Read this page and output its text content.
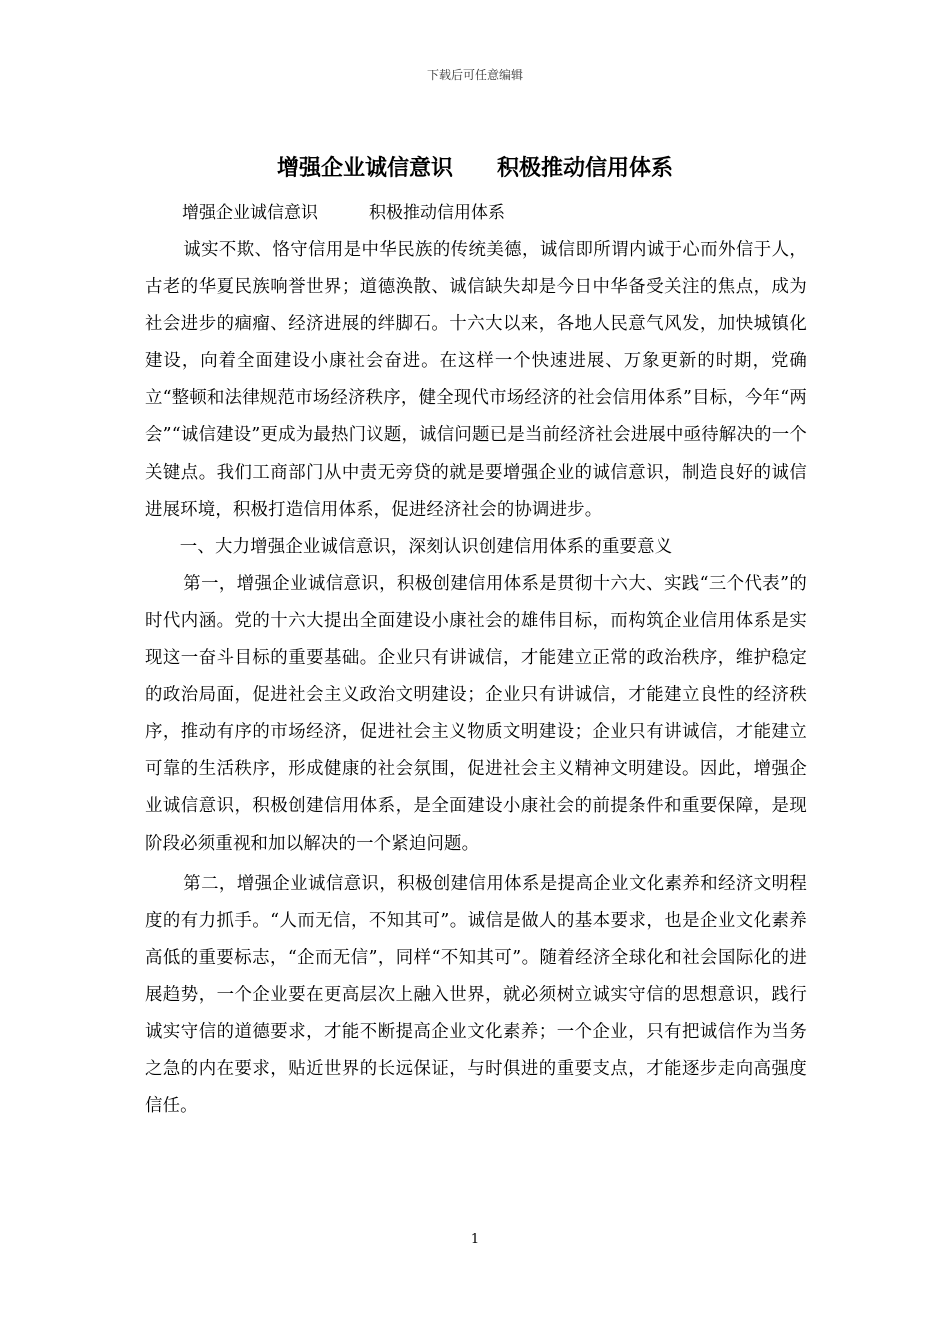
下载后可任意编辑
增强企业诚信意识　　积极推动信用体系
增强企业诚信意识　　　积极推动信用体系

诚实不欺、恪守信用是中华民族的传统美德，诚信即所谓内诚于心而外信于人，古老的华夏民族响誉世界；道德涣散、诚信缺失却是今日中华备受关注的焦点，成为社会进步的痼瘤、经济进展的绊脚石。十六大以来，各地人民意气风发，加快城镇化建设，向着全面建设小康社会奋进。在这样一个快速进展、万象更新的时期，党确立“整顿和法律规范市场经济秩序，健全现代市场经济的社会信用体系”目标，今年“两会”“诚信建设”更成为最热门议题，诚信问题已是当前经济社会进展中亟待解决的一个关键点。我们工商部门从中责无旁贷的就是要增强企业的诚信意识，制造良好的诚信进展环境，积极打造信用体系，促进经济社会的协调进步。

一、大力增强企业诚信意识，深刻认识创建信用体系的重要意义

第一，增强企业诚信意识，积极创建信用体系是贯彻十六大、实践“三个代表”的时代内涵。党的十六大提出全面建设小康社会的雄伟目标，而构筑企业信用体系是实现这一奋斗目标的重要基础。企业只有讲诚信，才能建立正常的政治秩序，维护稳定的政治局面，促进社会主义政治文明建设；企业只有讲诚信，才能建立良性的经济秩序，推动有序的市场经济，促进社会主义物质文明建设；企业只有讲诚信，才能建立可靠的生活秩序，形成健康的社会氛围，促进社会主义精神文明建设。因此，增强企业诚信意识，积极创建信用体系，是全面建设小康社会的前提条件和重要保障，是现阶段必须重视和加以解决的一个紧迫问题。

第二，增强企业诚信意识，积极创建信用体系是提高企业文化素养和经济文明程度的有力抓手。“人而无信，不知其可”。诚信是做人的基本要求，也是企业文化素养高低的重要标志，“企而无信”，同样“不知其可”。随着经济全球化和社会国际化的进展趋势，一个企业要在更高层次上融入世界，就必须树立诚实守信的思想意识，践行诚实守信的道德要求，才能不断提高企业文化素养；一个企业，只有把诚信作为当务之急的内在要求，贴近世界的长远保证，与时俱进的重要支点，才能逐步走向高强度信任。

1
